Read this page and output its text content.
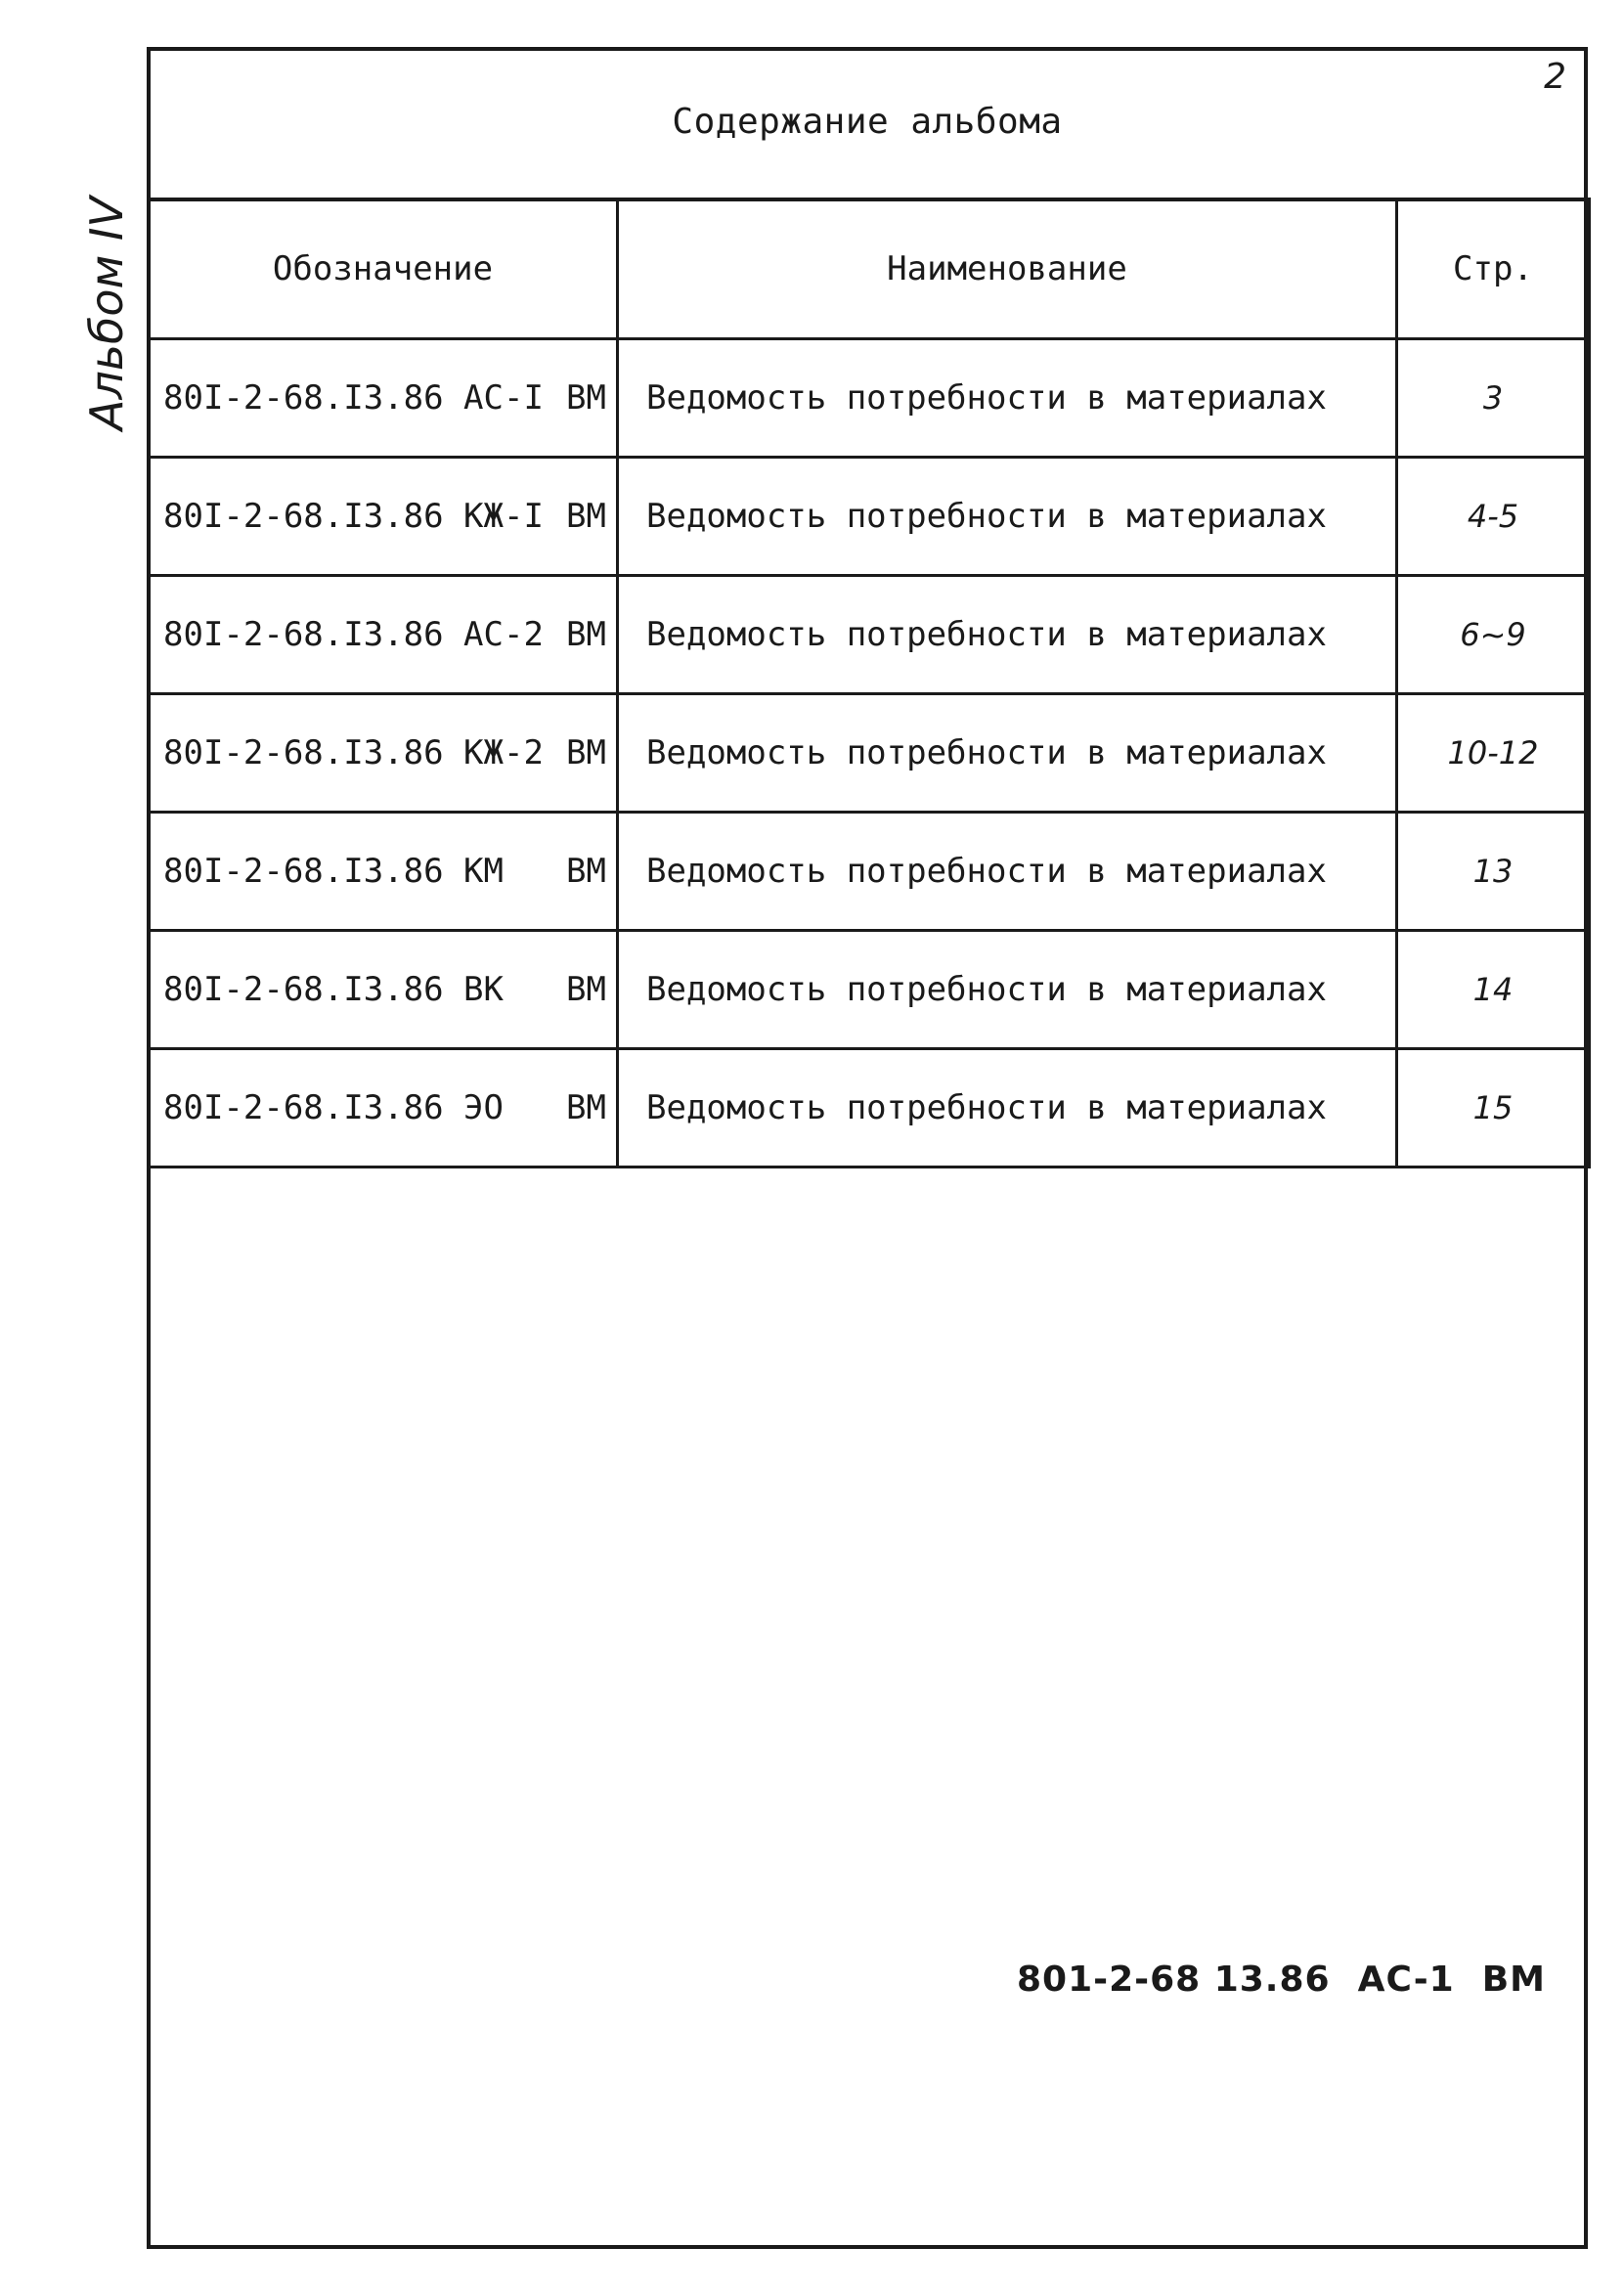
Альбом IV
2
Содержание альбома
Обозначение	Наименование	Стр.
80I-2-68.I3.86 AC-I BM	Ведомость потребности в материалах	3
80I-2-68.I3.86 KЖ-I BM	Ведомость потребности в материалах	4-5
80I-2-68.I3.86 AC-2 BM	Ведомость потребности в материалах	6~9
80I-2-68.I3.86 KЖ-2 BM	Ведомость потребности в материалах	10-12
80I-2-68.I3.86 KM BM	Ведомость потребности в материалах	13
80I-2-68.I3.86 BK BM	Ведомость потребности в материалах	14
80I-2-68.I3.86 ЭО BM	Ведомость потребности в материалах	15
801-2-68 13.86 AC-1 BM
